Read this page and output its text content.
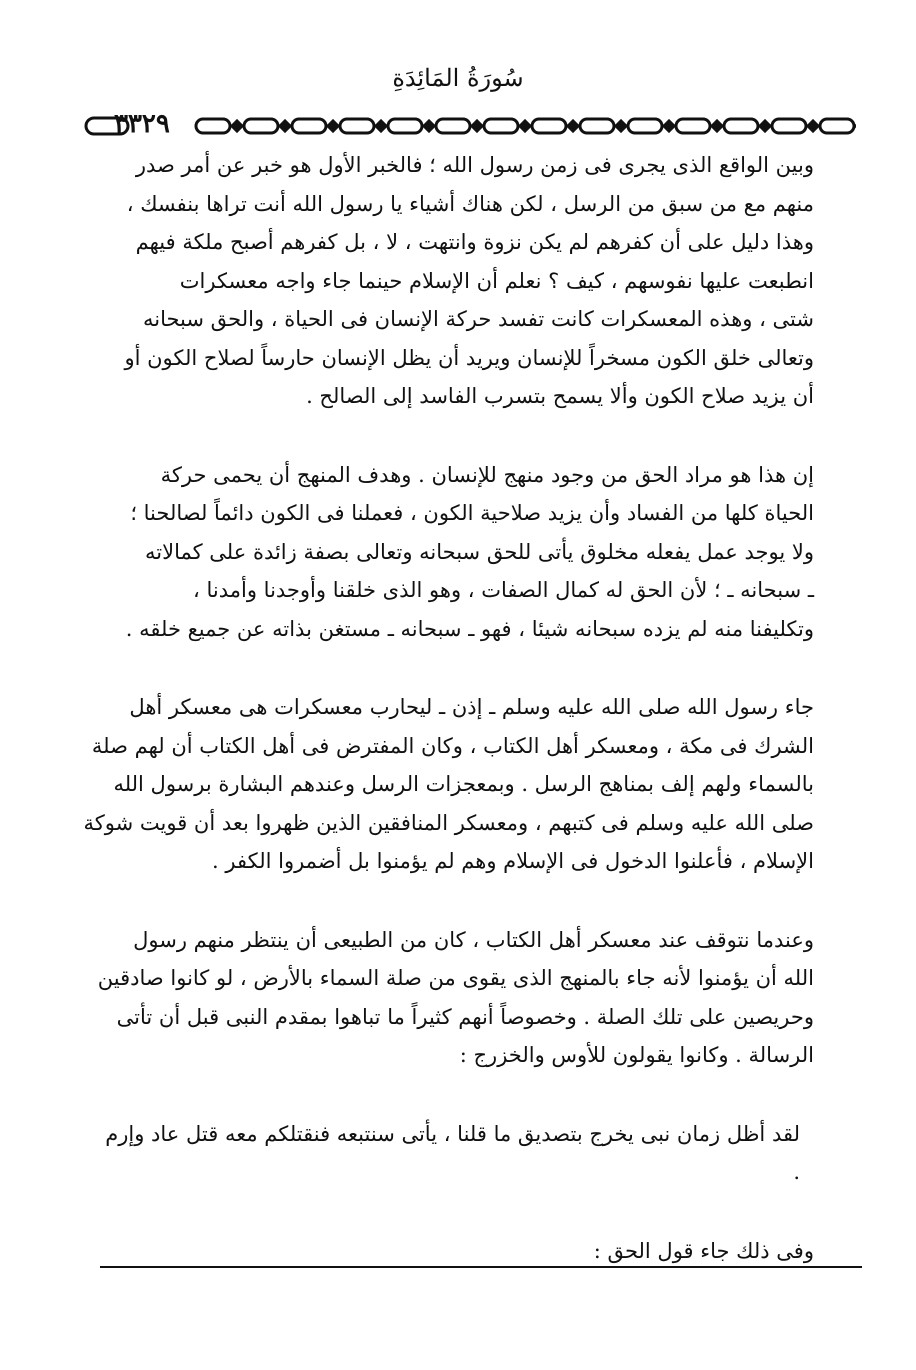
سُورَةُ المَائِدَةِ
٣٣٢٩
وبين الواقع الذى يجرى فى زمن رسول الله ؛ فالخبر الأول هو خبر عن أمر صدر
منهم مع من سبق من الرسل ، لكن هناك أشياء يا رسول الله أنت تراها بنفسك ،
وهذا دليل على أن كفرهم لم يكن نزوة وانتهت ، لا ، بل كفرهم أصبح ملكة فيهم
انطبعت عليها نفوسهم ، كيف ؟ نعلم أن الإسلام حينما جاء واجه معسكرات
شتى ، وهذه المعسكرات كانت تفسد حركة الإنسان فى الحياة ، والحق سبحانه
وتعالى خلق الكون مسخراً للإنسان ويريد أن يظل الإنسان حارساً لصلاح الكون أو
أن يزيد صلاح الكون وألا يسمح بتسرب الفاسد إلى الصالح .
إن هذا هو مراد الحق من وجود منهج للإنسان . وهدف المنهج أن يحمى حركة
الحياة كلها من الفساد وأن يزيد صلاحية الكون ، فعملنا فى الكون دائماً لصالحنا ؛
ولا يوجد عمل يفعله مخلوق يأتى للحق سبحانه وتعالى بصفة زائدة على كمالاته
ـ سبحانه ـ ؛ لأن الحق له كمال الصفات ، وهو الذى خلقنا وأوجدنا وأمدنا ،
وتكليفنا منه لم يزده سبحانه شيئا ، فهو ـ سبحانه ـ مستغن بذاته عن جميع خلقه .
جاء رسول الله صلى الله عليه وسلم ـ إذن ـ ليحارب معسكرات هى معسكر أهل
الشرك فى مكة ، ومعسكر أهل الكتاب ، وكان المفترض فى أهل الكتاب أن لهم صلة
بالسماء ولهم إلف بمناهج الرسل . وبمعجزات الرسل وعندهم البشارة برسول الله
صلى الله عليه وسلم فى كتبهم ، ومعسكر المنافقين الذين ظهروا بعد أن قويت شوكة
الإسلام ، فأعلنوا الدخول فى الإسلام وهم لم يؤمنوا بل أضمروا الكفر .
وعندما نتوقف عند معسكر أهل الكتاب ، كان من الطبيعى أن ينتظر منهم رسول
الله أن يؤمنوا لأنه جاء بالمنهج الذى يقوى من صلة السماء بالأرض ، لو كانوا صادقين
وحريصين على تلك الصلة . وخصوصاً أنهم كثيراً ما تباهوا بمقدم النبى قبل أن تأتى
الرسالة . وكانوا يقولون للأوس والخزرج :
لقد أظل زمان نبى يخرج بتصديق ما قلنا ، يأتى سنتبعه فنقتلكم معه قتل عاد وإرم .
وفى ذلك جاء قول الحق :
